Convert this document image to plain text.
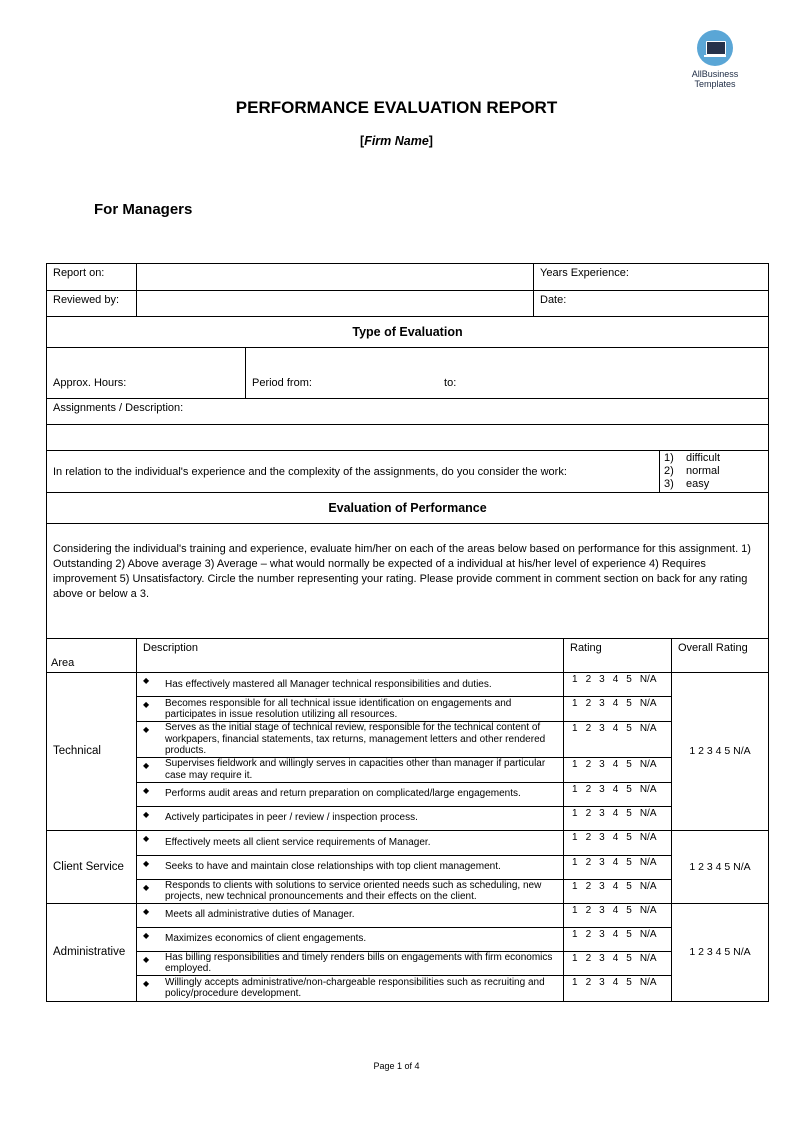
AllBusiness
Templates
PERFORMANCE EVALUATION REPORT
[Firm Name]
For Managers
Report on:			Years Experience:	
Reviewed by:			Date:	
Type of Evaluation				
Approx. Hours:		Period from: to:		
Assignments / Description:				

In relation to the individual's experience and the complexity of the assignments, do you consider the work:				1) difficult
2) normal
3) easy

Evaluation of Performance				
Considering the individual's training and experience, evaluate him/her on each of the areas below based on performance for this assignment. 1) Outstanding 2) Above average 3) Average – what would normally be expected of a individual at his/her level of experience 4) Requires improvement 5) Unsatisfactory. Circle the number representing your rating. Please provide comment in comment section on back for any rating above or below a 3.				
Area	Description	Rating	Overall Rating
Technical	◆ Has effectively mastered all Manager technical responsibilities and duties.	1 2 3 4 5 N/A	1 2 3 4 5 N/A

	◆ Becomes responsible for all technical issue identification on engagements and participates in issue resolution utilizing all resources.	1 2 3 4 5 N/A	

	◆ Serves as the initial stage of technical review, responsible for the technical content of workpapers, financial statements, tax returns, management letters and other rendered products.	1 2 3 4 5 N/A	

	◆ Supervises fieldwork and willingly serves in capacities other than manager if particular case may require it.	1 2 3 4 5 N/A	

	◆ Performs audit areas and return preparation on complicated/large engagements.	1 2 3 4 5 N/A	

	◆ Actively participates in peer / review / inspection process.	1 2 3 4 5 N/A	
Client Service	◆ Effectively meets all client service requirements of Manager.	1 2 3 4 5 N/A	1 2 3 4 5 N/A

	◆ Seeks to have and maintain close relationships with top client management.	1 2 3 4 5 N/A	

	◆ Responds to clients with solutions to service oriented needs such as scheduling, new projects, new technical pronouncements and their effects on the client.	1 2 3 4 5 N/A	
Administrative	◆ Meets all administrative duties of Manager.	1 2 3 4 5 N/A	1 2 3 4 5 N/A

	◆ Maximizes economics of client engagements.	1 2 3 4 5 N/A	

	◆ Has billing responsibilities and timely renders bills on engagements with firm economics employed.	1 2 3 4 5 N/A	

	◆ Willingly accepts administrative/non-chargeable responsibilities such as recruiting and policy/procedure development.	1 2 3 4 5 N/A	
Page 1 of 4
